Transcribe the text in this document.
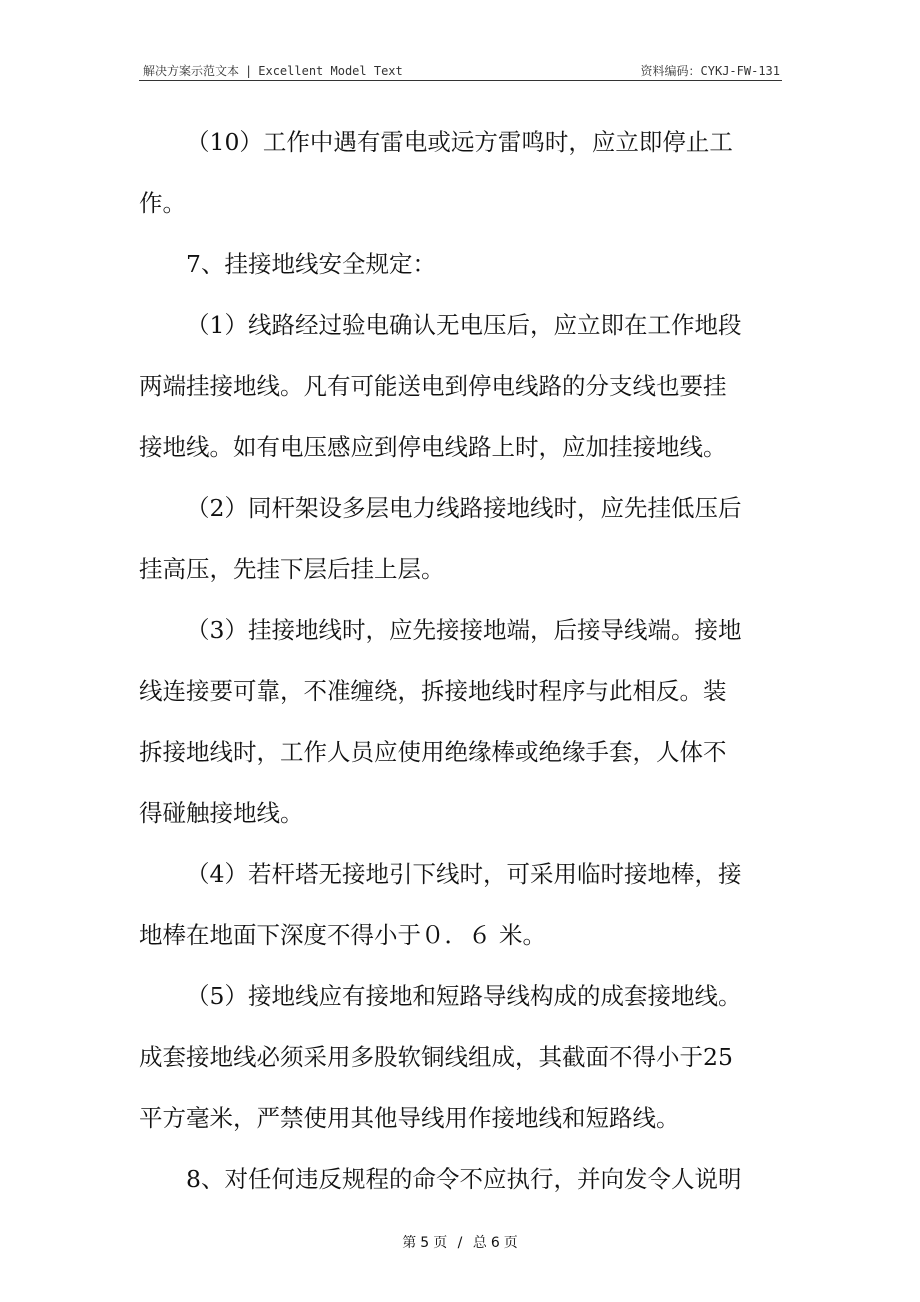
解决方案示范文本 | Excellent Model Text	资料编码：CYKJ-FW-131
（10）工作中遇有雷电或远方雷鸣时，应立即停止工
作。
7、挂接地线安全规定：
（1）线路经过验电确认无电压后，应立即在工作地段
两端挂接地线。凡有可能送电到停电线路的分支线也要挂
接地线。如有电压感应到停电线路上时，应加挂接地线。
（2）同杆架设多层电力线路接地线时，应先挂低压后
挂高压，先挂下层后挂上层。
（3）挂接地线时，应先接接地端，后接导线端。接地
线连接要可靠，不准缠绕，拆接地线时程序与此相反。装
拆接地线时，工作人员应使用绝缘棒或绝缘手套，人体不
得碰触接地线。
（4）若杆塔无接地引下线时，可采用临时接地棒，接
地棒在地面下深度不得小于０．６ 米。
（5）接地线应有接地和短路导线构成的成套接地线。
成套接地线必须采用多股软铜线组成，其截面不得小于25
平方毫米，严禁使用其他导线用作接地线和短路线。
8、对任何违反规程的命令不应执行，并向发令人说明
第 5 页 / 总 6 页
